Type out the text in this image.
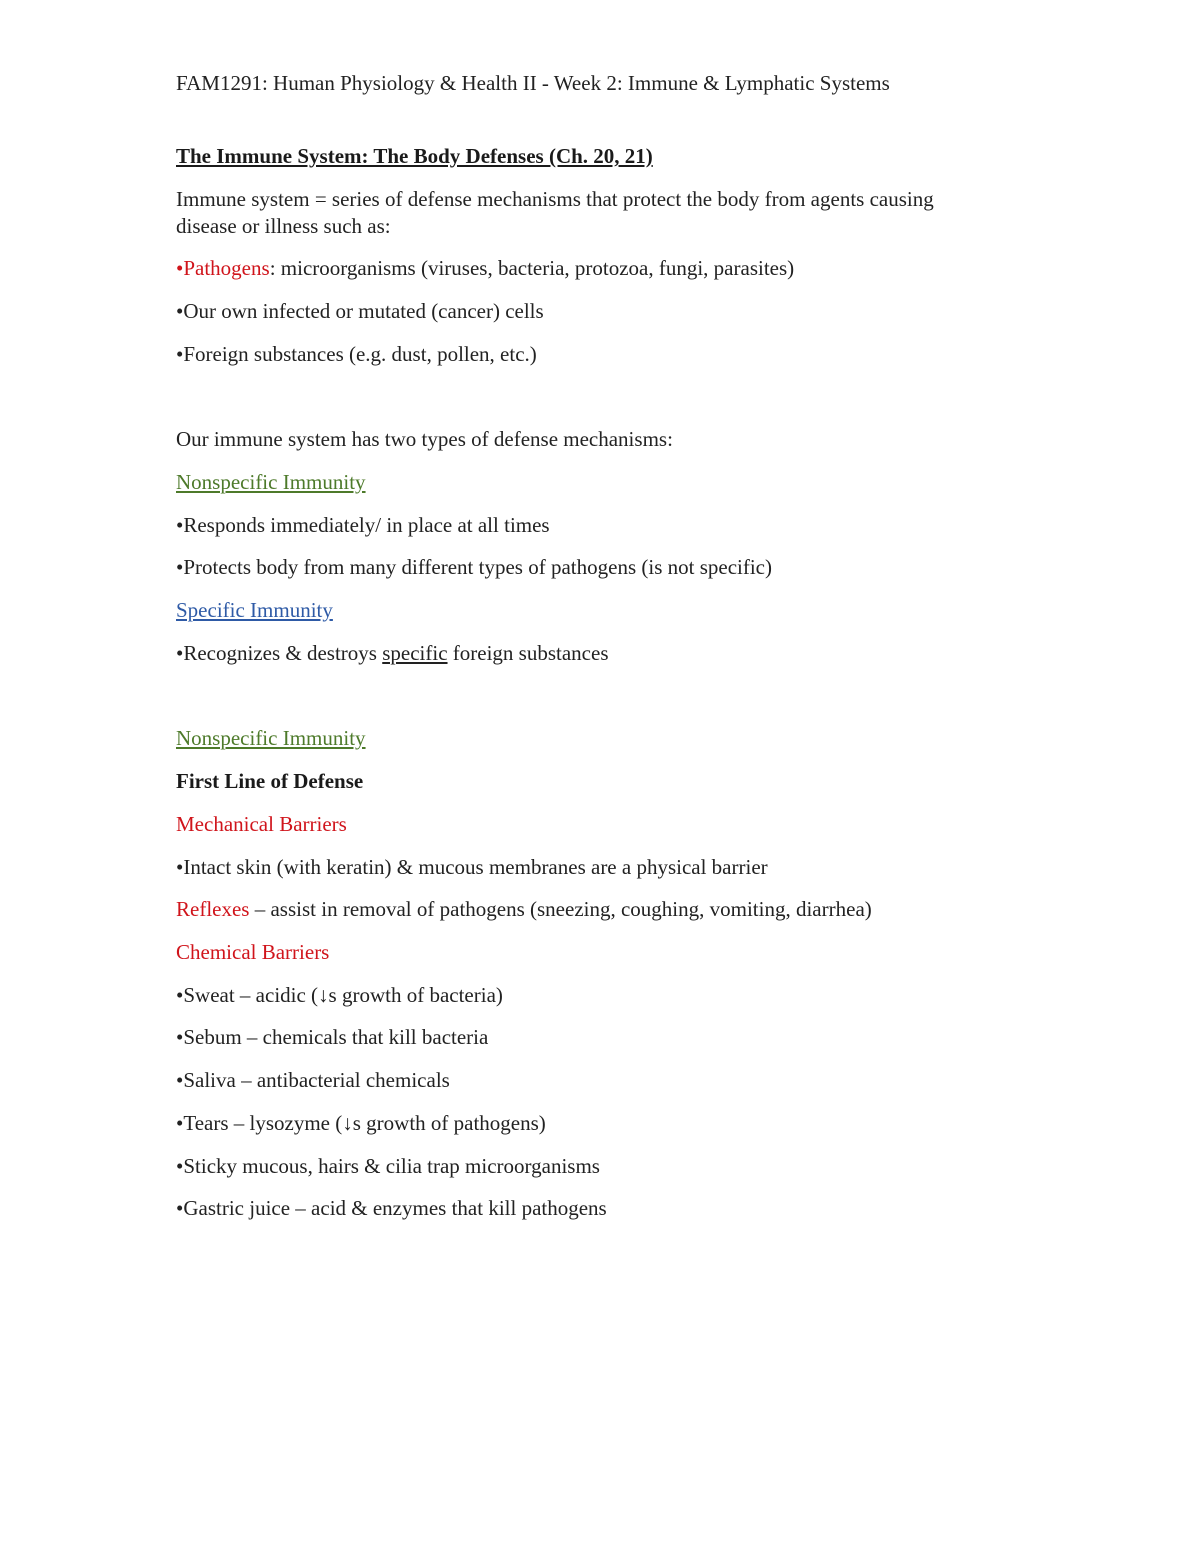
FAM1291: Human Physiology & Health II - Week 2: Immune & Lymphatic Systems
The Immune System: The Body Defenses (Ch. 20, 21)
Immune system = series of defense mechanisms that protect the body from agents causing disease or illness such as:
•Pathogens: microorganisms (viruses, bacteria, protozoa, fungi, parasites)
•Our own infected or mutated (cancer) cells
•Foreign substances (e.g. dust, pollen, etc.)
Our immune system has two types of defense mechanisms:
Nonspecific Immunity
•Responds immediately/ in place at all times
•Protects body from many different types of pathogens (is not specific)
Specific Immunity
•Recognizes & destroys specific foreign substances
Nonspecific Immunity
First Line of Defense
Mechanical Barriers
•Intact skin (with keratin) & mucous membranes are a physical barrier
Reflexes – assist in removal of pathogens (sneezing, coughing, vomiting, diarrhea)
Chemical Barriers
•Sweat – acidic (↓s growth of bacteria)
•Sebum – chemicals that kill bacteria
•Saliva – antibacterial chemicals
•Tears – lysozyme (↓s growth of pathogens)
•Sticky mucous, hairs & cilia trap microorganisms
•Gastric juice – acid & enzymes that kill pathogens
